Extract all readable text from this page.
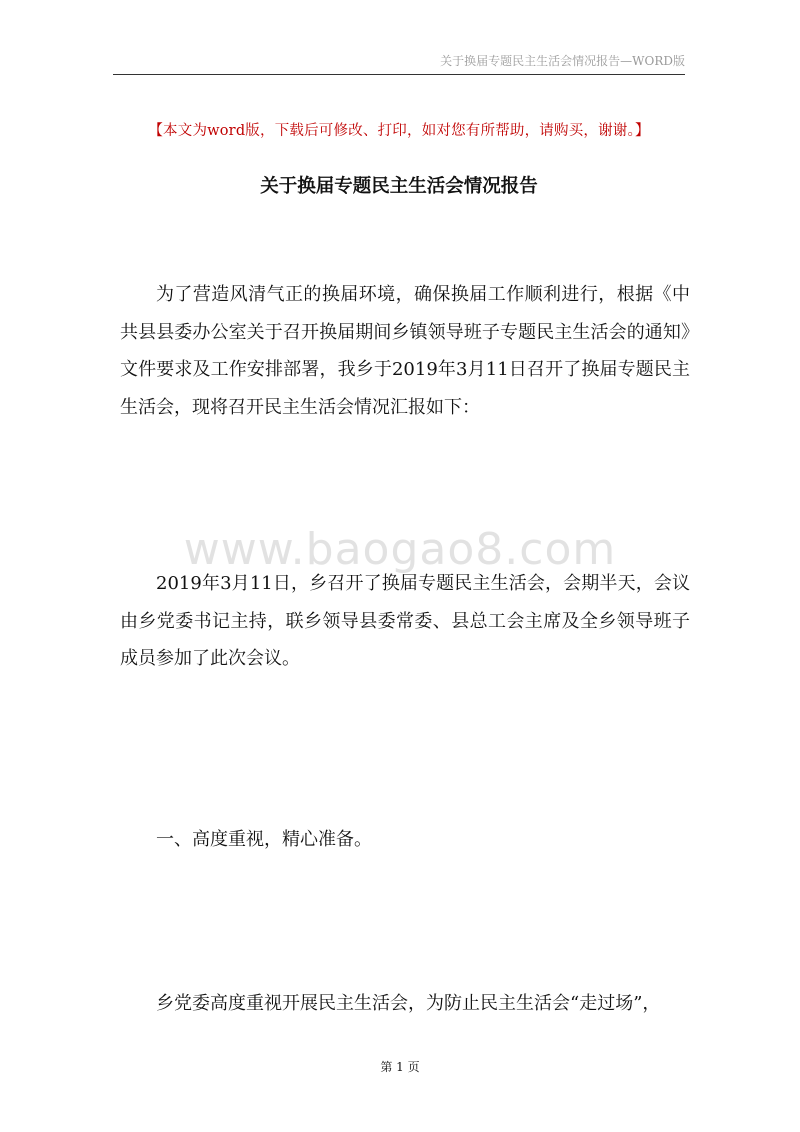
关于换届专题民主生活会情况报告—WORD版
【本文为word版，下载后可修改、打印，如对您有所帮助，请购买，谢谢。】
关于换届专题民主生活会情况报告

为了营造风清气正的换届环境，确保换届工作顺利进行，根据《中共县县委办公室关于召开换届期间乡镇领导班子专题民主生活会的通知》文件要求及工作安排部署，我乡于2019年3月11日召开了换届专题民主生活会，现将召开民主生活会情况汇报如下：

www.baogao8.com

2019年3月11日，乡召开了换届专题民主生活会，会期半天，会议由乡党委书记主持，联乡领导县委常委、县总工会主席及全乡领导班子成员参加了此次会议。

一、高度重视，精心准备。

乡党委高度重视开展民主生活会，为防止民主生活会“走过场”，

第 1 页
